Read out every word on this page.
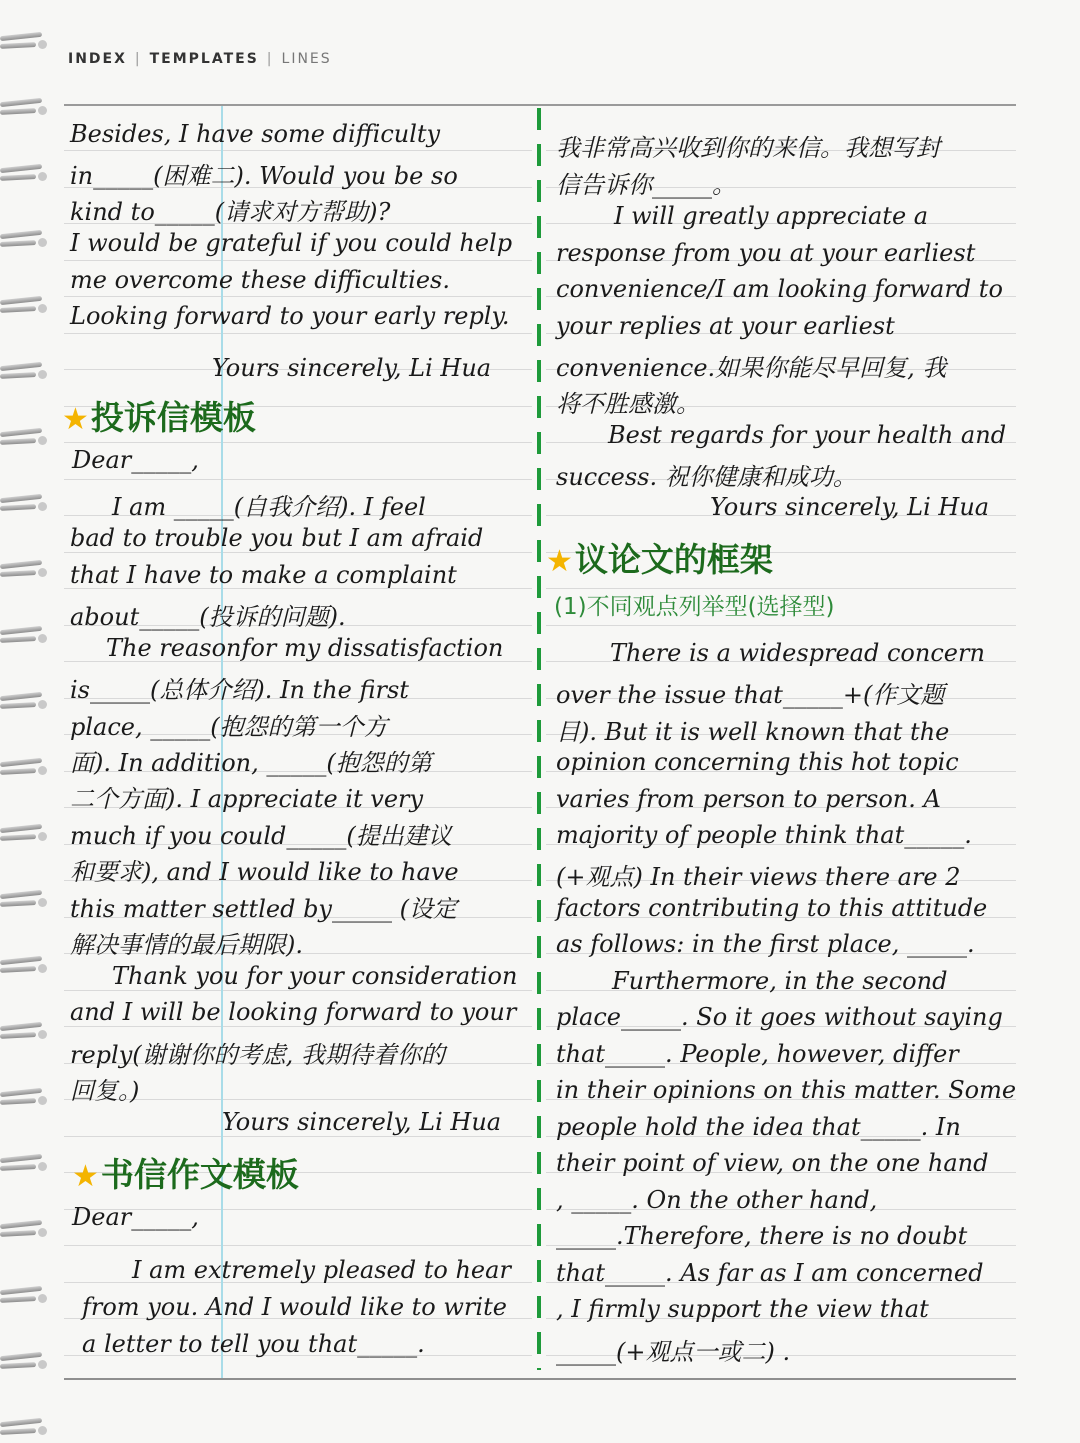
INDEX | TEMPLATES | LINES
Besides, I have some difficulty
in_____(困难二). Would you be so
kind to_____(请求对方帮助)?
I would be grateful if you could help
me overcome these difficulties.
Looking forward to your early reply.
Yours sincerely, Li Hua
★投诉信模板
Dear_____,
I am _____(自我介绍). I feel
bad to trouble you but I am afraid
that I have to make a complaint
about_____(投诉的问题).
The reasonfor my dissatisfaction
is_____(总体介绍). In the first
place, _____(抱怨的第一个方
面). In addition, _____(抱怨的第
二个方面). I appreciate it very
much if you could_____(提出建议
和要求), and I would like to have
this matter settled by_____ (设定
解决事情的最后期限).
Thank you for your consideration
and I will be looking forward to your
reply(谢谢你的考虑, 我期待着你的
回复。)
Yours sincerely, Li Hua
★书信作文模板
Dear_____,
I am extremely pleased to hear
from you. And I would like to write
a letter to tell you that_____.
我非常高兴收到你的来信。我想写封
信告诉你_____。
I will greatly appreciate a
response from you at your earliest
convenience/I am looking forward to
your replies at your earliest
convenience.如果你能尽早回复, 我
将不胜感激。
Best regards for your health and
success. 祝你健康和成功。
Yours sincerely, Li Hua
★议论文的框架
(1)不同观点列举型(选择型)
There is a widespread concern
over the issue that_____+(作文题
目). But it is well known that the
opinion concerning this hot topic
varies from person to person. A
majority of people think that_____.
(+观点) In their views there are 2
factors contributing to this attitude
as follows: in the first place, _____.
Furthermore, in the second
place_____. So it goes without saying
that_____. People, however, differ
in their opinions on this matter. Some
people hold the idea that_____. In
their point of view, on the one hand
, _____. On the other hand,
_____.Therefore, there is no doubt
that_____. As far as I am concerned
, I firmly support the view that
_____(+观点一或二) .
